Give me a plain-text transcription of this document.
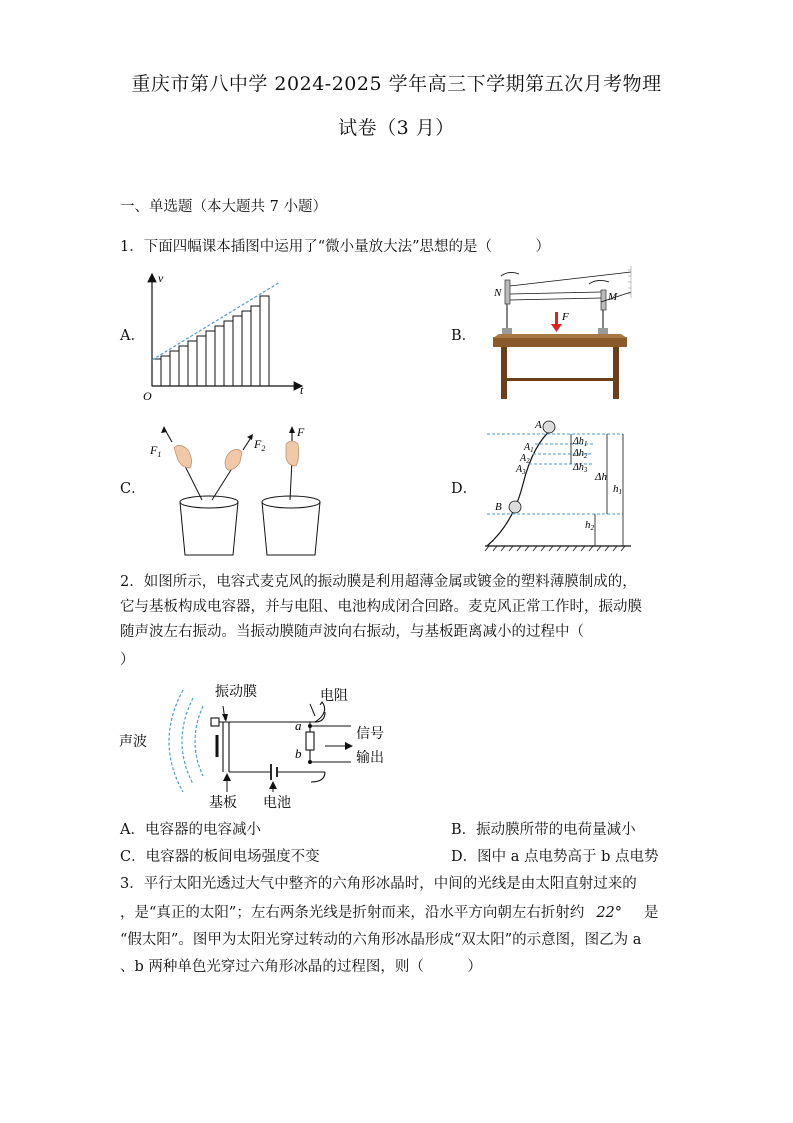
重庆市第八中学 2024-2025 学年高三下学期第五次月考物理
试卷（3 月）
一、单选题（本大题共 7 小题）
1．下面四幅课本插图中运用了“微小量放大法”思想的是（　　　）
A．	B．
C．	D．
v
t
O
N	M
F
$F_1$
$F_2$
F	A
$A_1$
$A_2$
$A_3$
B
$\Delta h_1$
$\Delta h_2$
$\Delta h_3$
Δh
h1
h2
2．如图所示，电容式麦克风的振动膜是利用超薄金属或镀金的塑料薄膜制成的，
它与基板构成电容器，并与电阻、电池构成闭合回路。麦克风正常工作时，振动膜
随声波左右振动。当振动膜随声波向右振动，与基板距离减小的过程中（
）
振动膜	电阻
声波
信号
输出
基板 电池
a
b
A．电容器的电容减小	B．振动膜所带的电荷量减小
C．电容器的板间电场强度不变	D．图中 a 点电势高于 b 点电势
3．平行太阳光透过大气中整齐的六角形冰晶时，中间的光线是由太阳直射过来的
，是“真正的太阳”；左右两条光线是折射而来，沿水平方向朝左右折射约 22° 是
“假太阳”。图甲为太阳光穿过转动的六角形冰晶形成“双太阳”的示意图，图乙为 a
、b 两种单色光穿过六角形冰晶的过程图，则（　　　）
